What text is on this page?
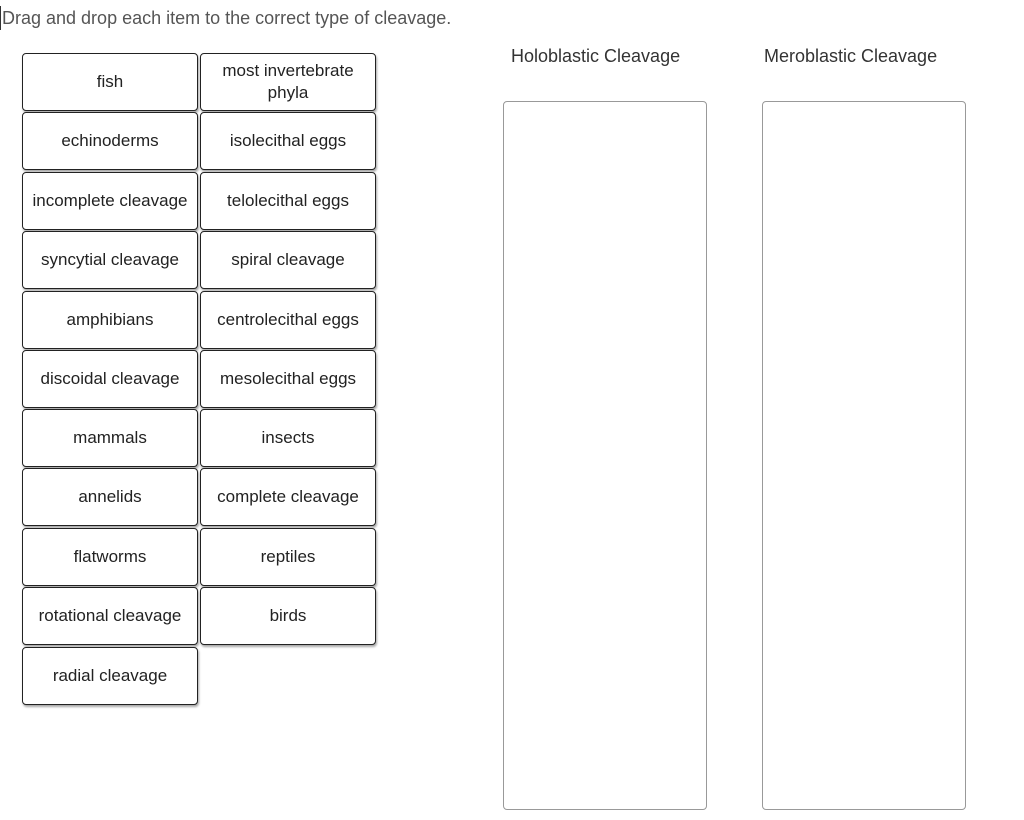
Drag and drop each item to the correct type of cleavage.
fish
most invertebrate phyla
echinoderms	isolecithal eggs
incomplete cleavage	telolecithal eggs
syncytial cleavage	spiral cleavage
amphibians	centrolecithal eggs
discoidal cleavage	mesolecithal eggs
mammals	insects
annelids	complete cleavage
flatworms	reptiles
rotational cleavage	birds
radial cleavage
Holoblastic Cleavage	Meroblastic Cleavage
